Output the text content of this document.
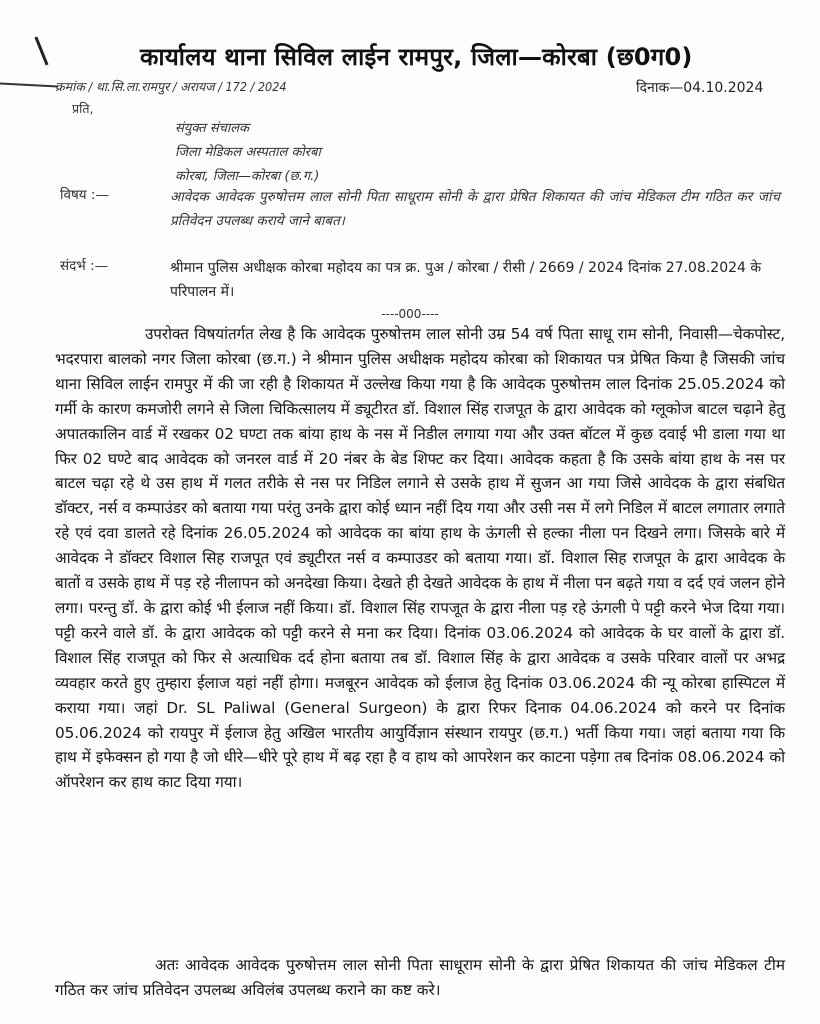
कार्यालय थाना सिविल लाईन रामपुर, जिला—कोरबा (छ0ग0)
क्रमांक / था.सि.ला.रामपुर / अरायज / 172 / 2024	दिनाक—04.10.2024
प्रति,
संयुक्त संचालक
जिला मेडिकल अस्पताल कोरबा
कोरबा, जिला—कोरबा (छ.ग.)
विषय :—	आवेदक आवेदक पुरुषोत्तम लाल सोनी पिता साधूराम सोनी के द्वारा प्रेषित शिकायत की जांच मेडिकल टीम गठित कर जांच प्रतिवेदन उपलब्ध कराये जाने बाबत।
संदर्भ :—	श्रीमान पुलिस अधीक्षक कोरबा महोदय का पत्र क्र. पुअ / कोरबा / रीसी / 2669 / 2024 दिनांक 27.08.2024 के परिपालन में।
----000----

उपरोक्त विषयांतर्गत लेख है कि आवेदक पुरुषोत्तम लाल सोनी उम्र 54 वर्ष पिता साधू राम सोनी, निवासी—चेकपोस्ट, भदरपारा बालको नगर जिला कोरबा (छ.ग.) ने श्रीमान पुलिस अधीक्षक महोदय कोरबा को शिकायत पत्र प्रेषित किया है जिसकी जांच थाना सिविल लाईन रामपुर में की जा रही है शिकायत में उल्लेख किया गया है कि आवेदक पुरुषोत्तम लाल दिनांक 25.05.2024 को गर्मी के कारण कमजोरी लगने से जिला चिकित्सालय में ड्यूटीरत डॉ. विशाल सिंह राजपूत के द्वारा आवेदक को ग्लूकोज बाटल चढ़ाने हेतु अपातकालिन वार्ड में रखकर 02 घण्टा तक बांया हाथ के नस में निडील लगाया गया और उक्त बॉटल में कुछ दवाई भी डाला गया था फिर 02 घण्टे बाद आवेदक को जनरल वार्ड में 20 नंबर के बेड शिफ्ट कर दिया। आवेदक कहता है कि उसके बांया हाथ के नस पर बाटल चढ़ा रहे थे उस हाथ में गलत तरीके से नस पर निडिल लगाने से उसके हाथ में सुजन आ गया जिसे आवेदक के द्वारा संबधित डॉक्टर, नर्स व कम्पाउंडर को बताया गया परंतु उनके द्वारा कोई ध्यान नहीं दिय गया और उसी नस में लगे निडिल में बाटल लगातार लगाते रहे एवं दवा डालते रहे दिनांक 26.05.2024 को आवेदक का बांया हाथ के ऊंगली से हल्का नीला पन दिखने लगा। जिसके बारे में आवेदक ने डॉक्टर विशाल सिह राजपूत एवं ड्यूटीरत नर्स व कम्पाउडर को बताया गया। डॉ. विशाल सिह राजपूत के द्वारा आवेदक के बातों व उसके हाथ में पड़ रहे नीलापन को अनदेखा किया। देखते ही देखते आवेदक के हाथ में नीला पन बढ़ते गया व दर्द एवं जलन होने लगा। परन्तु डॉ. के द्वारा कोई भी ईलाज नहीं किया। डॉ. विशाल सिंह रापजूत के द्वारा नीला पड़ रहे ऊंगली पे पट्टी करने भेज दिया गया। पट्टी करने वाले डॉ. के द्वारा आवेदक को पट्टी करने से मना कर दिया। दिनांक 03.06.2024 को आवेदक के घर वालों के द्वारा डॉ. विशाल सिंह राजपूत को फिर से अत्याधिक दर्द होना बताया तब डॉ. विशाल सिंह के द्वारा आवेदक व उसके परिवार वालों पर अभद्र व्यवहार करते हुए तुम्हारा ईलाज यहां नहीं होगा। मजबूरन आवेदक को ईलाज हेतु दिनांक 03.06.2024 की न्यू कोरबा हास्पिटल में कराया गया। जहां Dr. SL Paliwal (General Surgeon) के द्वारा रिफर दिनाक 04.06.2024 को करने पर दिनांक 05.06.2024 को रायपुर में ईलाज हेतु अखिल भारतीय आयुर्विज्ञान संस्थान रायपुर (छ.ग.) भर्ती किया गया। जहां बताया गया कि हाथ में इफेक्सन हो गया है जो धीरे—धीरे पूरे हाथ में बढ़ रहा है व हाथ को आपरेशन कर काटना पड़ेगा तब दिनांक 08.06.2024 को ऑपरेशन कर हाथ काट दिया गया।

अतः आवेदक आवेदक पुरुषोत्तम लाल सोनी पिता साधूराम सोनी के द्वारा प्रेषित शिकायत की जांच मेडिकल टीम गठित कर जांच प्रतिवेदन उपलब्ध अविलंब उपलब्ध कराने का कष्ट करे।
